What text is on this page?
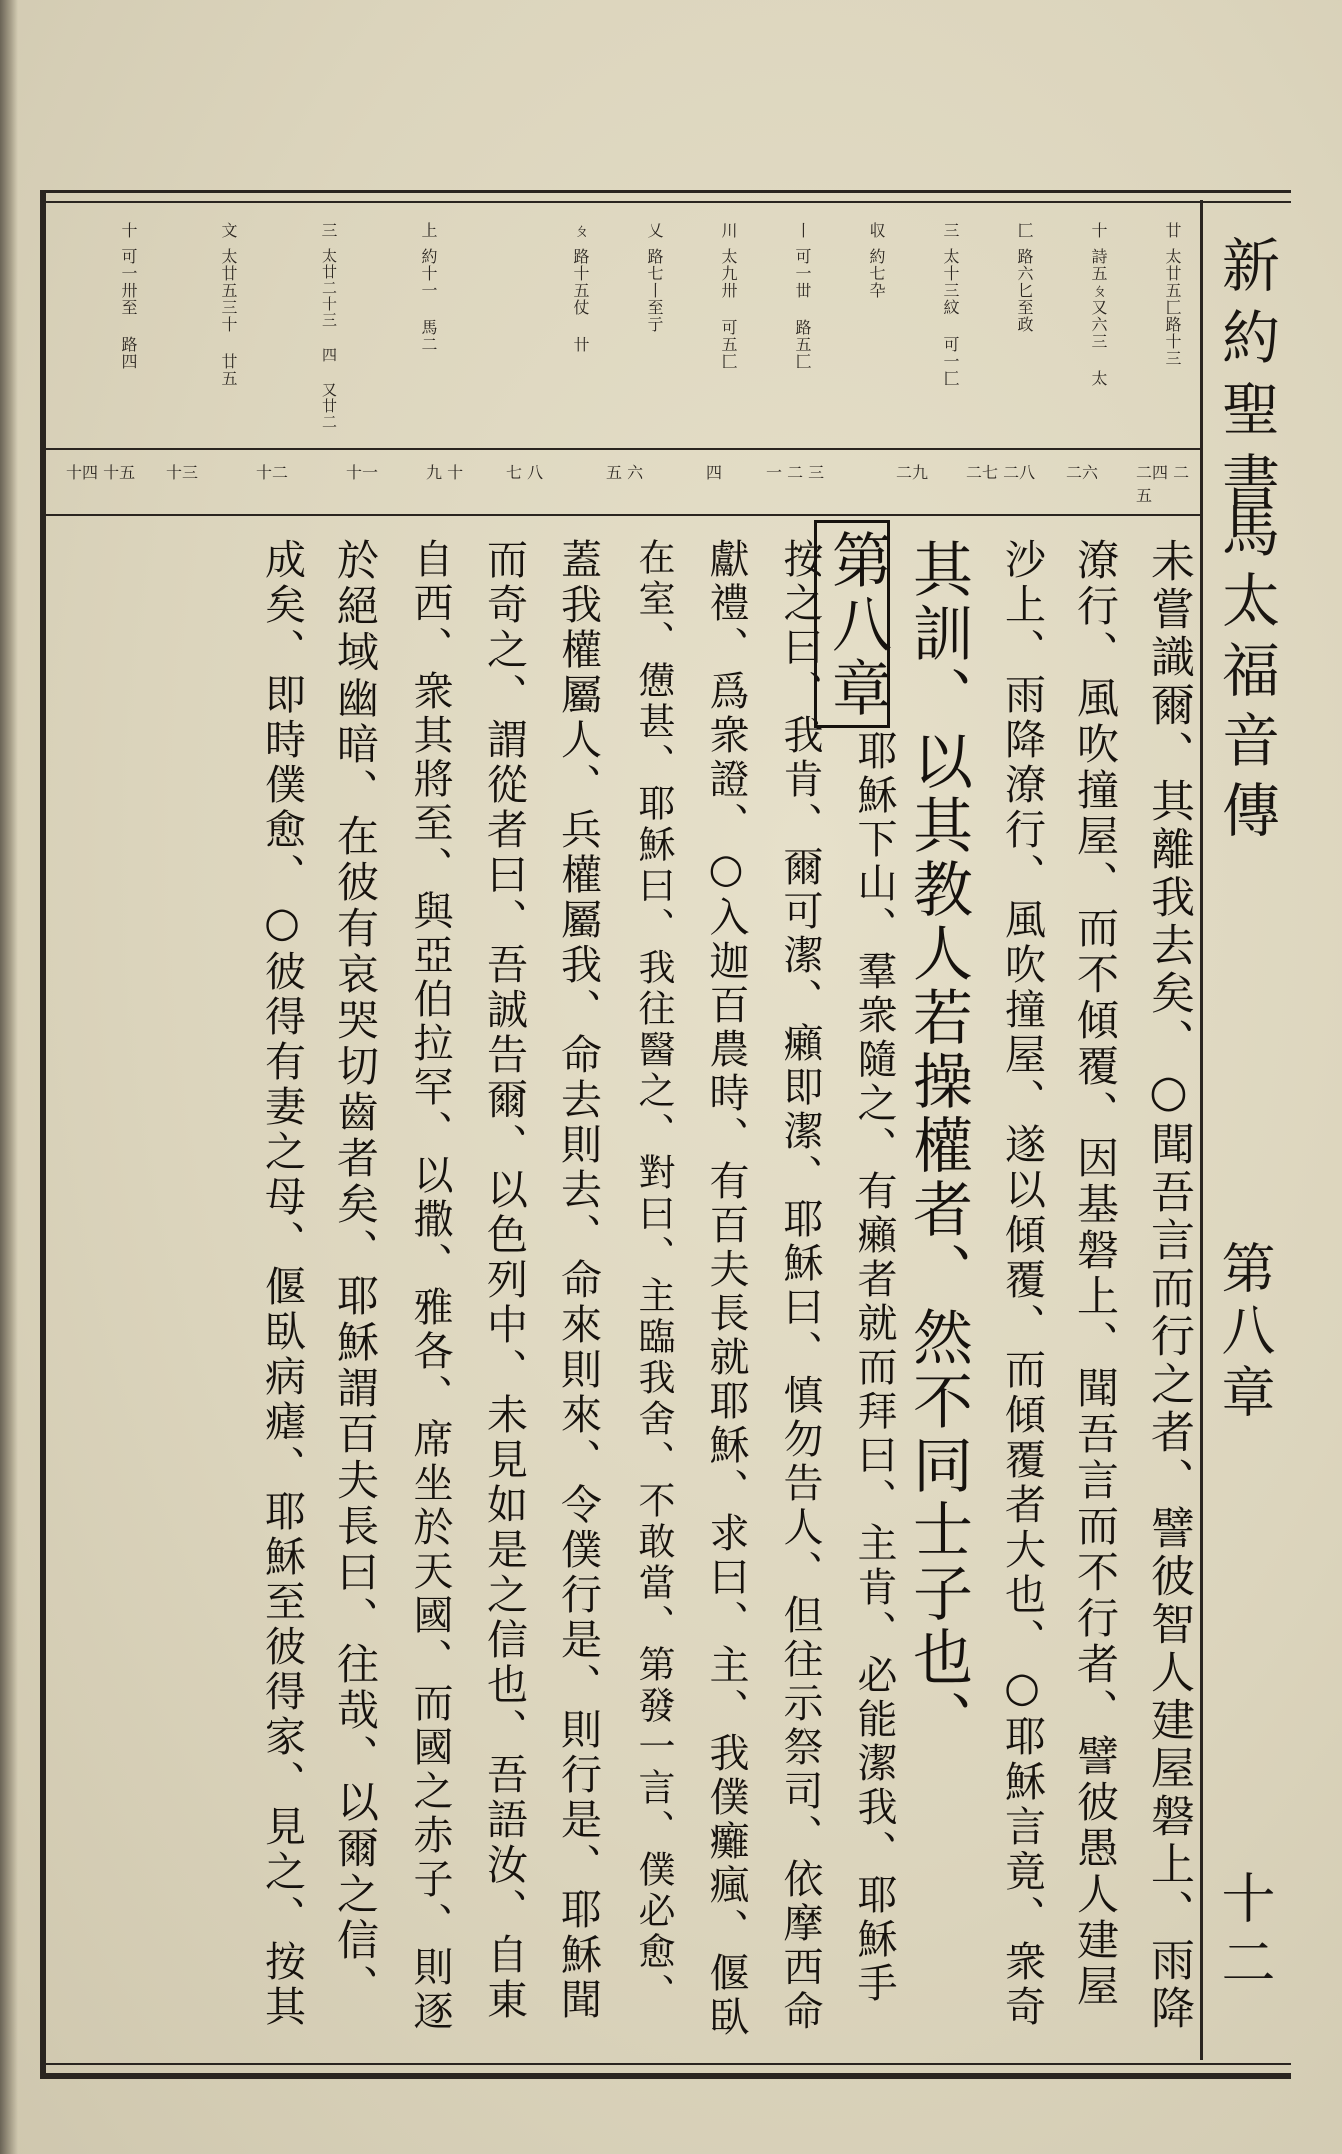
新約聖書
馬太福音傳
第八章
十二
廿
太廿五匚路十三
十
詩五ㄆ又六三 太
匚
路六匕至政
三
太十三紋 可一匚
収
約七卆
丨
可一丗 路五匚
川
太九卅 可五匚
乂
路七丨至亍
ㄆ
路十五仗 卄
上
約十一 馬二
三
太廿二十三 四 又廿二
文
太廿五三十 廿五
十
可一卅至 路四
二四 二五
二六
二七 二八
二九
一 二 三
四
五 六
七 八
九 十
十一
十二
十三
十四 十五
未嘗識爾、其離我去矣、○聞吾言而行之者、譬彼智人建屋磐上、雨降
潦行、風吹撞屋、而不傾覆、因基磐上、聞吾言而不行者、譬彼愚人建屋
沙上、雨降潦行、風吹撞屋、遂以傾覆、而傾覆者大也、○耶穌言竟、衆奇
其訓、以其教人若操權者、然不同士子也、
第八章
耶穌下山、羣衆隨之、有癩者就而拜曰、主肯、必能潔我、耶穌手
按之曰、我肯、爾可潔、癩即潔、耶穌曰、慎勿告人、但往示祭司、依摩西命
獻禮、爲衆證、○入迦百農時、有百夫長就耶穌、求曰、主、我僕癱瘋、偃臥
在室、憊甚、耶穌曰、我往醫之、對曰、主臨我舍、不敢當、第發一言、僕必愈、
蓋我權屬人、兵權屬我、命去則去、命來則來、令僕行是、則行是、耶穌聞
而奇之、謂從者曰、吾誠告爾、以色列中、未見如是之信也、吾語汝、自東
自西、衆其將至、與亞伯拉罕、以撒、雅各、席坐於天國、而國之赤子、則逐
於絕域幽暗、在彼有哀哭切齒者矣、耶穌謂百夫長曰、往哉、以爾之信、
成矣、即時僕愈、○彼得有妻之母、偃臥病瘧、耶穌至彼得家、見之、按其
